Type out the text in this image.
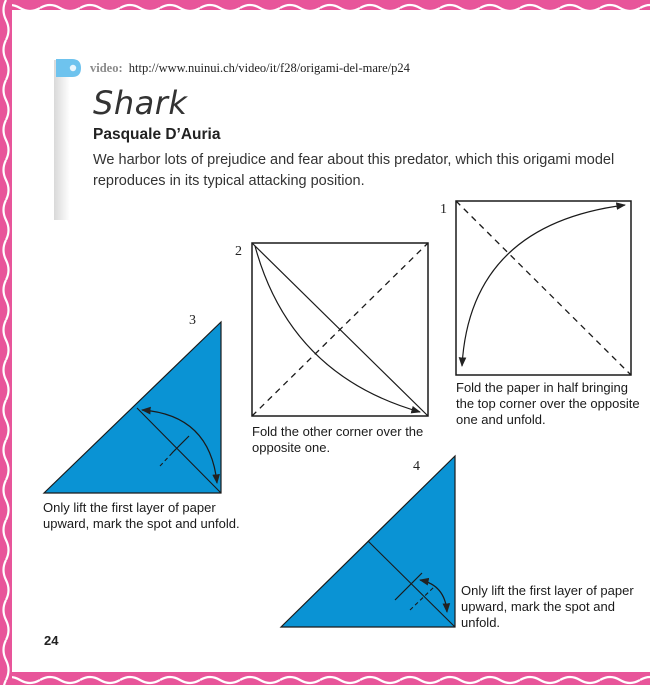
video: http://www.nuinui.ch/video/it/f28/origami-del-mare/p24
Shark
Pasquale D’Auria
We harbor lots of prejudice and fear about this predator, which this origami model reproduces in its typical attacking position.
1
2
3
4
Fold the paper in half bringing the top corner over the opposite one and unfold.
Fold the other corner over the opposite one.
Only lift the first layer of paper upward, mark the spot and unfold.
Only lift the first layer of paper upward, mark the spot and unfold.
24
